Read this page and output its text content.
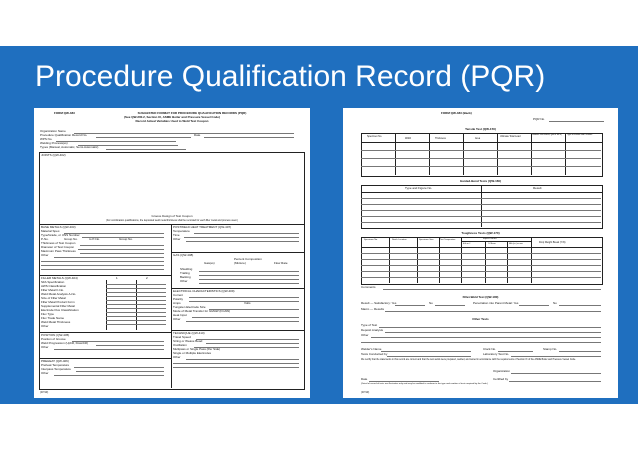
Procedure Qualification Record (PQR)
FORM QW-483	SUGGESTED FORMAT FOR PROCEDURE QUALIFICATION RECORDS (PQR)
(See QW-200.2, Section IX, ASME Boiler and Pressure Vessel Code)
Record Actual Variables Used to Weld Test Coupon
Organization Name
Procedure Qualification Record No.	Date
WPS No.
Welding Process(es)
Types (Manual, Automatic, Semi-Automatic)
JOINTS (QW-402)
Groove Design of Test Coupon
(For combination qualifications, the deposited weld metal thickness shall be recorded for each filler metal and process used.)
BASE METALS (QW-403)
Material Spec.
Type/Grade, or UNS Number
P-No.	Group No.	to P-No.	Group No.
Thickness of Test Coupon
Diameter of Test Coupon
Maximum Pass Thickness
Other
POSTWELD HEAT TREATMENT (QW-407)
Temperature
Time
Other
GAS (QW-408)
Percent Composition
Gas(es)	(Mixture)	Flow Rate
Shielding
Trailing
Backing
Other
FILLER METALS (QW-404)	1	2
SFA Specification
AWS Classification
Filler Metal F-No.
Weld Metal Analysis A-No.
Size of Filler Metal
Filler Metal Product Form
Supplemental Filler Metal
Electrode Flux Classification
Flux Type
Flux Trade Name
Weld Metal Thickness
Other
ELECTRICAL CHARACTERISTICS (QW-409)
Current
Polarity
Amps	Volts
Tungsten Electrode Size
Mode of Metal Transfer for GMAW (FCAW)
Heat Input
Other
POSITION (QW-405)
Position of Groove
Weld Progression (Uphill, Downhill)
Other
PREHEAT (QW-406)
Preheat Temperature
Interpass Temperature
Other
TECHNIQUE (QW-410)
Travel Speed
String or Weave Bead
Oscillation
Multipass or Single Pass (Per Side)
Single or Multiple Electrodes
Other
(07/13)
FORM QW-483 (Back)
PQR No.
Tensile Test (QW-150)
Specimen No.
Width	Thickness	Area
Ultimate Total Load	Ultimate Unit Stress, (psi or MPa)	Type of Failure and Location
Guided-Bend Tests (QW-160)
Type and Figure No.	Result
Toughness Tests (QW-170)
Specimen No.	Notch Location	Specimen Size	Test Temperature	Impact Values
ft-lb or J	% Shear	Mils (in.) or mm	Drop Weight Break (Y/N)
Comments
Fillet-Weld Test (QW-180)
Result — Satisfactory: Yes	No	Penetration into Parent Metal: Yes	No
Macro — Results
Other Tests
Type of Test
Deposit Analysis
Other
Welder's Name	Clock No.	Stamp No.
Tests Conducted by	Laboratory Test No.
We certify that the statements in this record are correct and that the test welds were prepared, welded, and tested in accordance with the requirements of Section IX of the ASME Boiler and Pressure Vessel Code.
Organization
Date	Certified by
(Detail of record of tests are illustrative only and may be modified to conform to the type and number of tests required by the Code.)
(07/13)
